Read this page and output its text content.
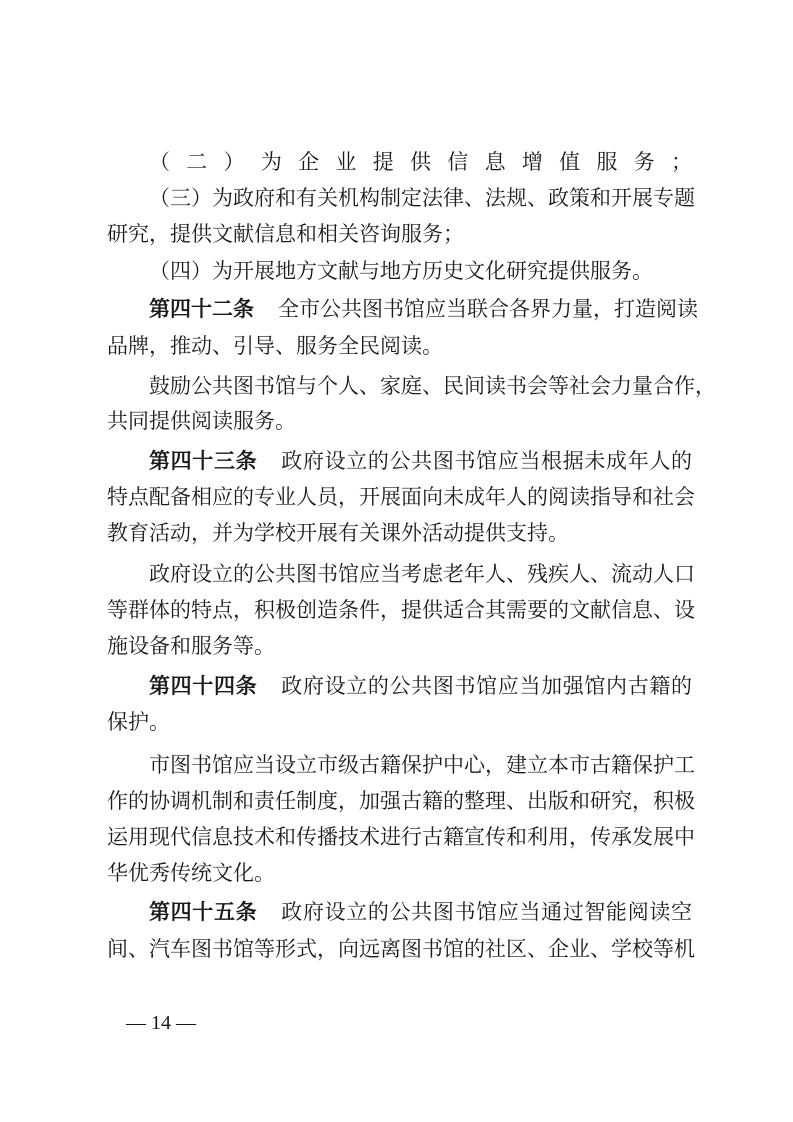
（二）为企业提供信息增值服务；
（三）为政府和有关机构制定法律、法规、政策和开展专题
研究，提供文献信息和相关咨询服务；
（四）为开展地方文献与地方历史文化研究提供服务。
第四十二条 全市公共图书馆应当联合各界力量，打造阅读
品牌，推动、引导、服务全民阅读。
鼓励公共图书馆与个人、家庭、民间读书会等社会力量合作，
共同提供阅读服务。
第四十三条 政府设立的公共图书馆应当根据未成年人的
特点配备相应的专业人员，开展面向未成年人的阅读指导和社会
教育活动，并为学校开展有关课外活动提供支持。
政府设立的公共图书馆应当考虑老年人、残疾人、流动人口
等群体的特点，积极创造条件，提供适合其需要的文献信息、设
施设备和服务等。
第四十四条 政府设立的公共图书馆应当加强馆内古籍的
保护。
市图书馆应当设立市级古籍保护中心，建立本市古籍保护工
作的协调机制和责任制度，加强古籍的整理、出版和研究，积极
运用现代信息技术和传播技术进行古籍宣传和利用，传承发展中
华优秀传统文化。
第四十五条 政府设立的公共图书馆应当通过智能阅读空
间、汽车图书馆等形式，向远离图书馆的社区、企业、学校等机
— 14 —
